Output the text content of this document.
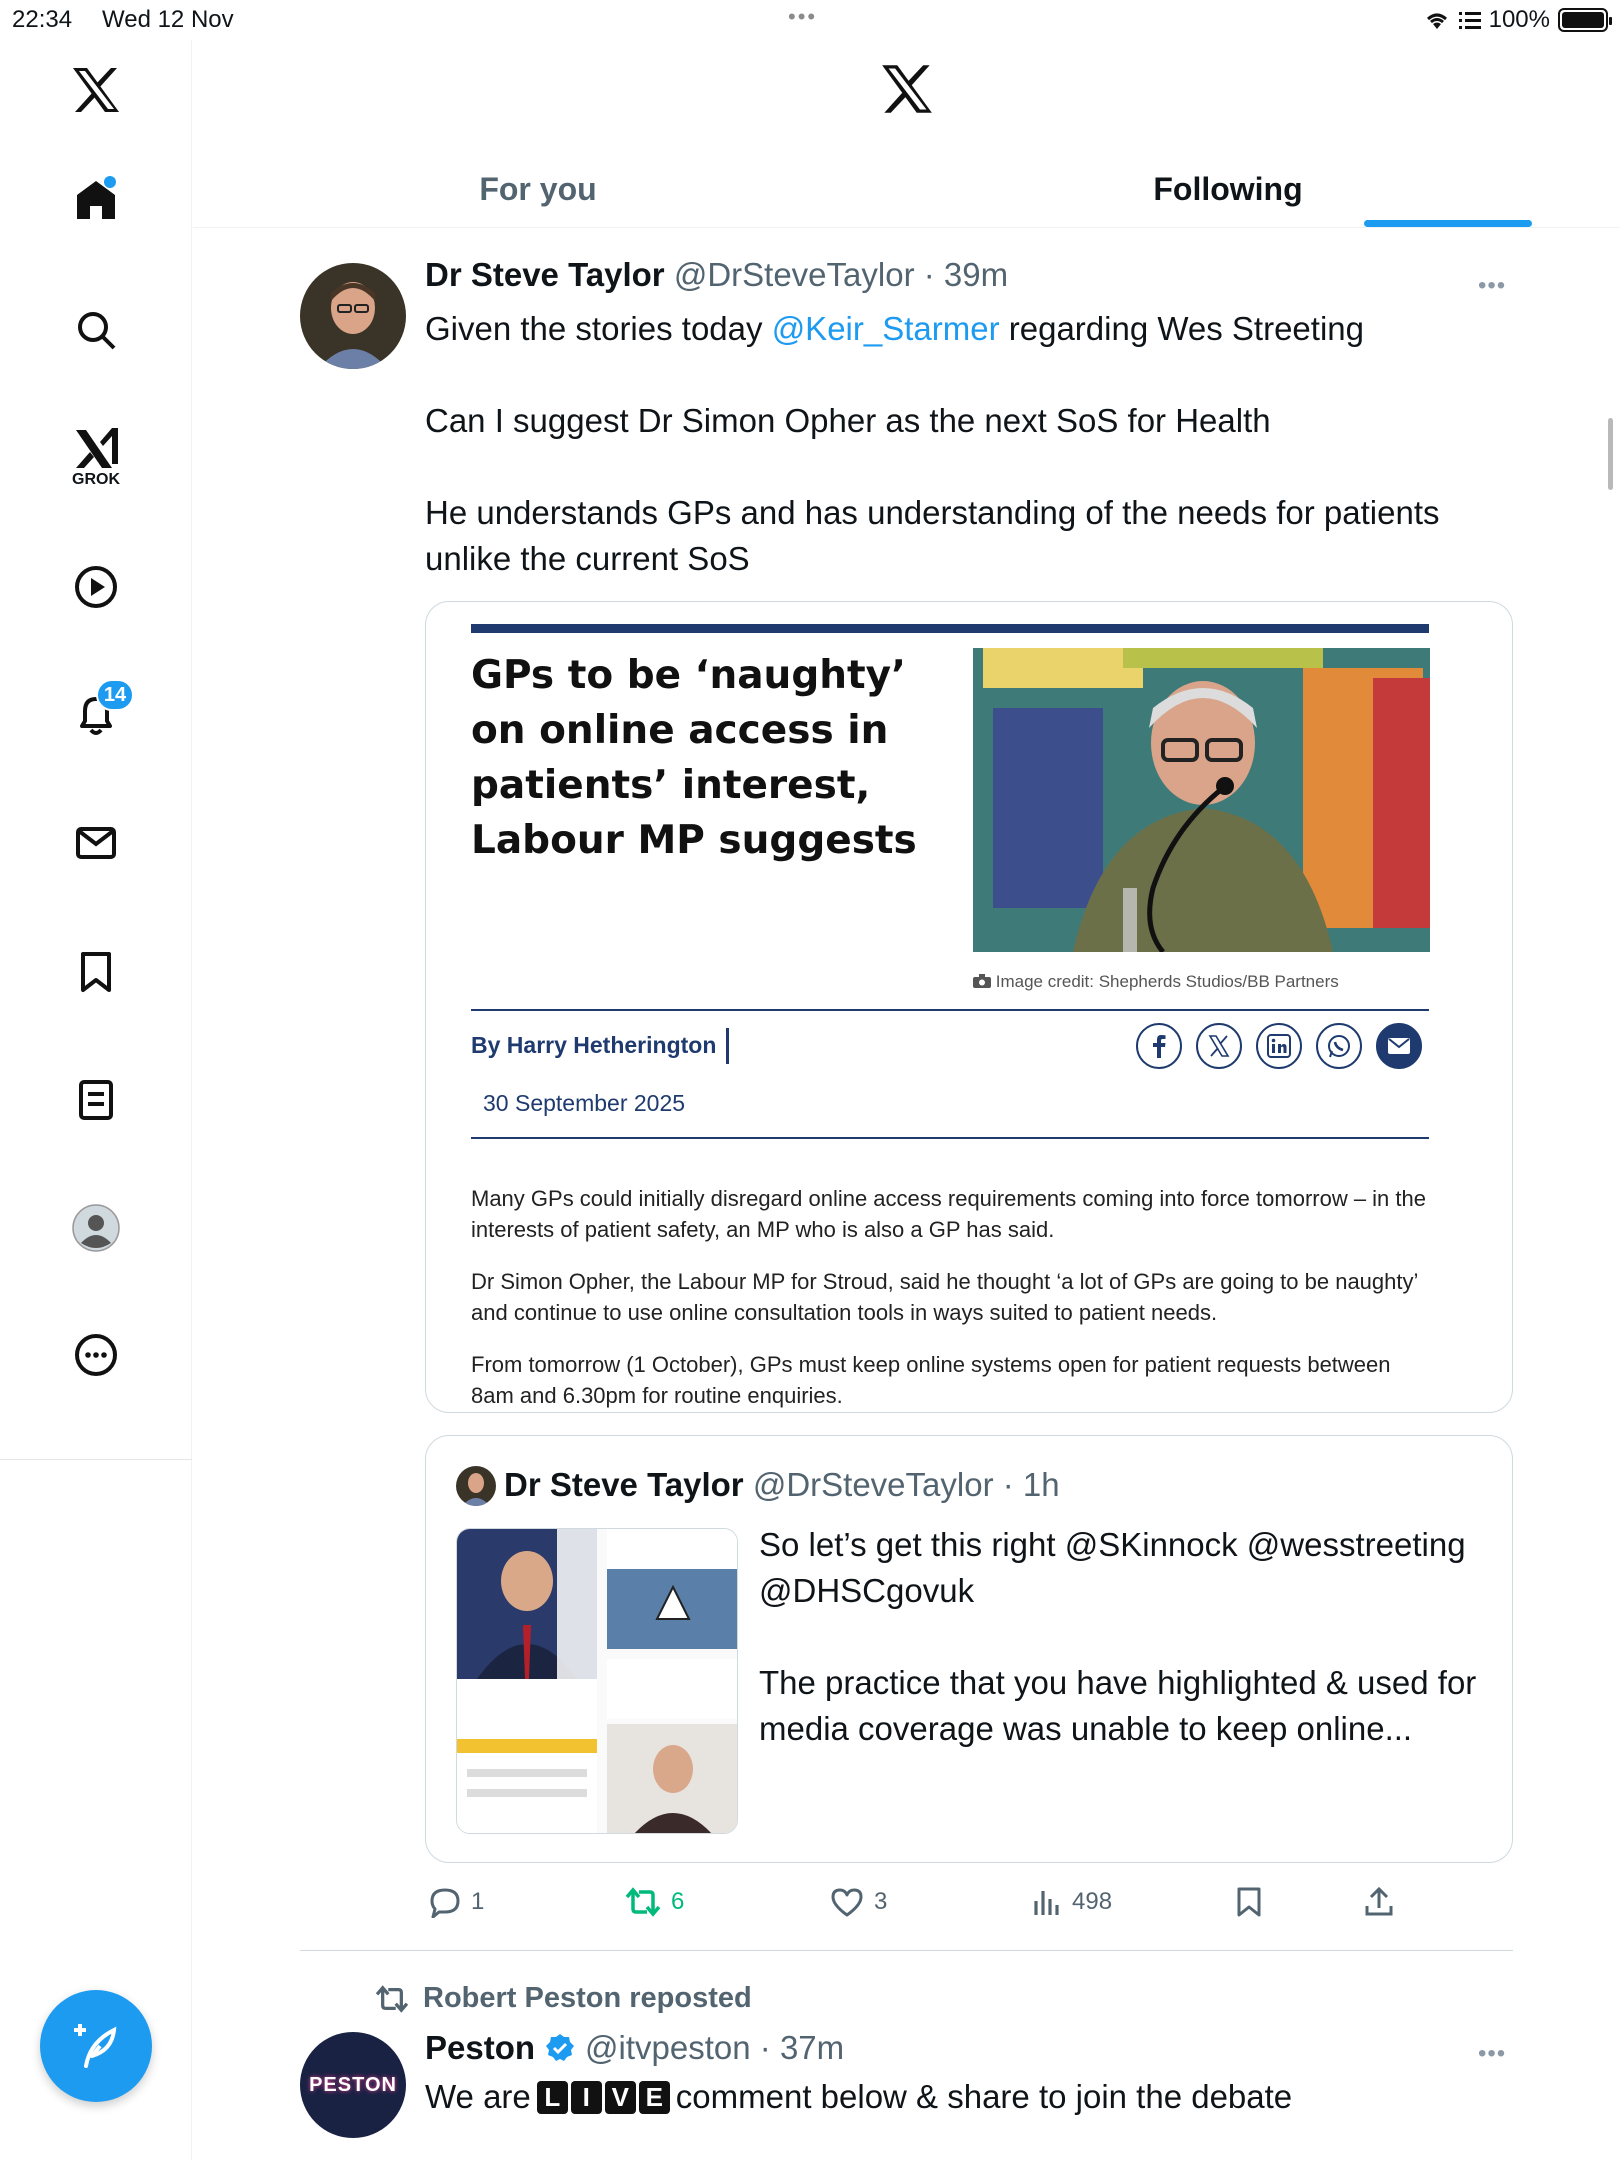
22:34 Wed 12 Nov	•••	100%
GROK
14
For you	Following
Dr Steve Taylor @DrSteveTaylor · 39m	•••
Given the stories today @Keir_Starmer regarding Wes Streeting
Can I suggest Dr Simon Opher as the next SoS for Health
He understands GPs and has understanding of the needs for patients unlike the current SoS
GPs to be ‘naughty’ on online access in patients’ interest, Labour MP suggests
Image credit: Shepherds Studios/BB Partners
By Harry Hetherington
30 September 2025
Many GPs could initially disregard online access requirements coming into force tomorrow – in the interests of patient safety, an MP who is also a GP has said.
Dr Simon Opher, the Labour MP for Stroud, said he thought ‘a lot of GPs are going to be naughty’ and continue to use online consultation tools in ways suited to patient needs.
From tomorrow (1 October), GPs must keep online systems open for patient requests between 8am and 6.30pm for routine enquiries.
Dr Steve Taylor @DrSteveTaylor · 1h
So let’s get this right @SKinnock @wesstreeting @DHSCgovuk
The practice that you have highlighted & used for media coverage was unable to keep online...
1	6	3	498
Robert Peston reposted
PESTON
Peston @itvpeston · 37m	•••
We are L I V E comment below & share to join the debate
